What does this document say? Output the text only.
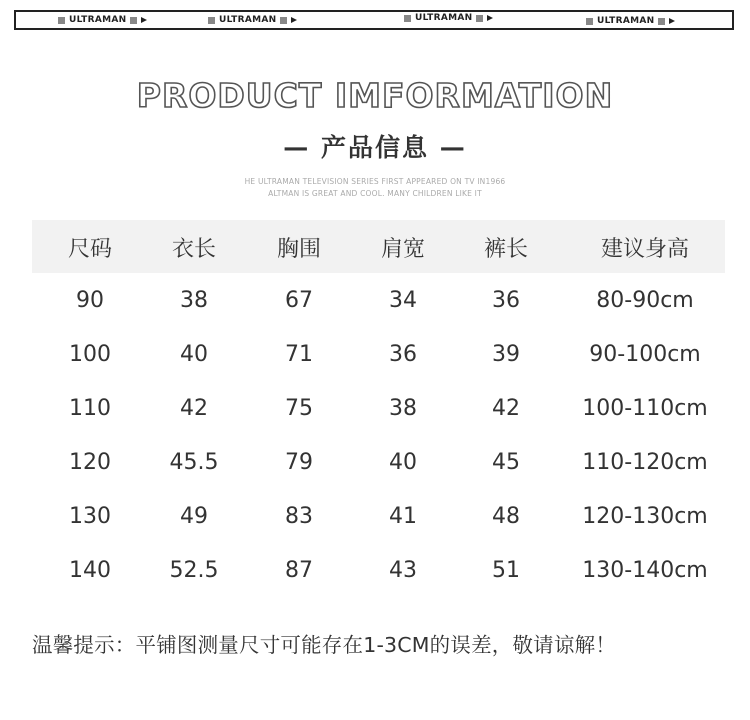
ULTRAMAN	ULTRAMAN	ULTRAMAN	ULTRAMAN
PRODUCT IMFORMATION
— 产品信息 —
HE ULTRAMAN TELEVISION SERIES FIRST APPEARED ON TV IN1966
ALTMAN IS GREAT AND COOL. MANY CHILDREN LIKE IT
尺码	衣长	胸围	肩宽	裤长	建议身高
90	38	67	34	36	80-90cm
100	40	71	36	39	90-100cm
110	42	75	38	42	100-110cm
120	45.5	79	40	45	110-120cm
130	49	83	41	48	120-130cm
140	52.5	87	43	51	130-140cm
温馨提示：平铺图测量尺寸可能存在1-3CM的误差，敬请谅解！
